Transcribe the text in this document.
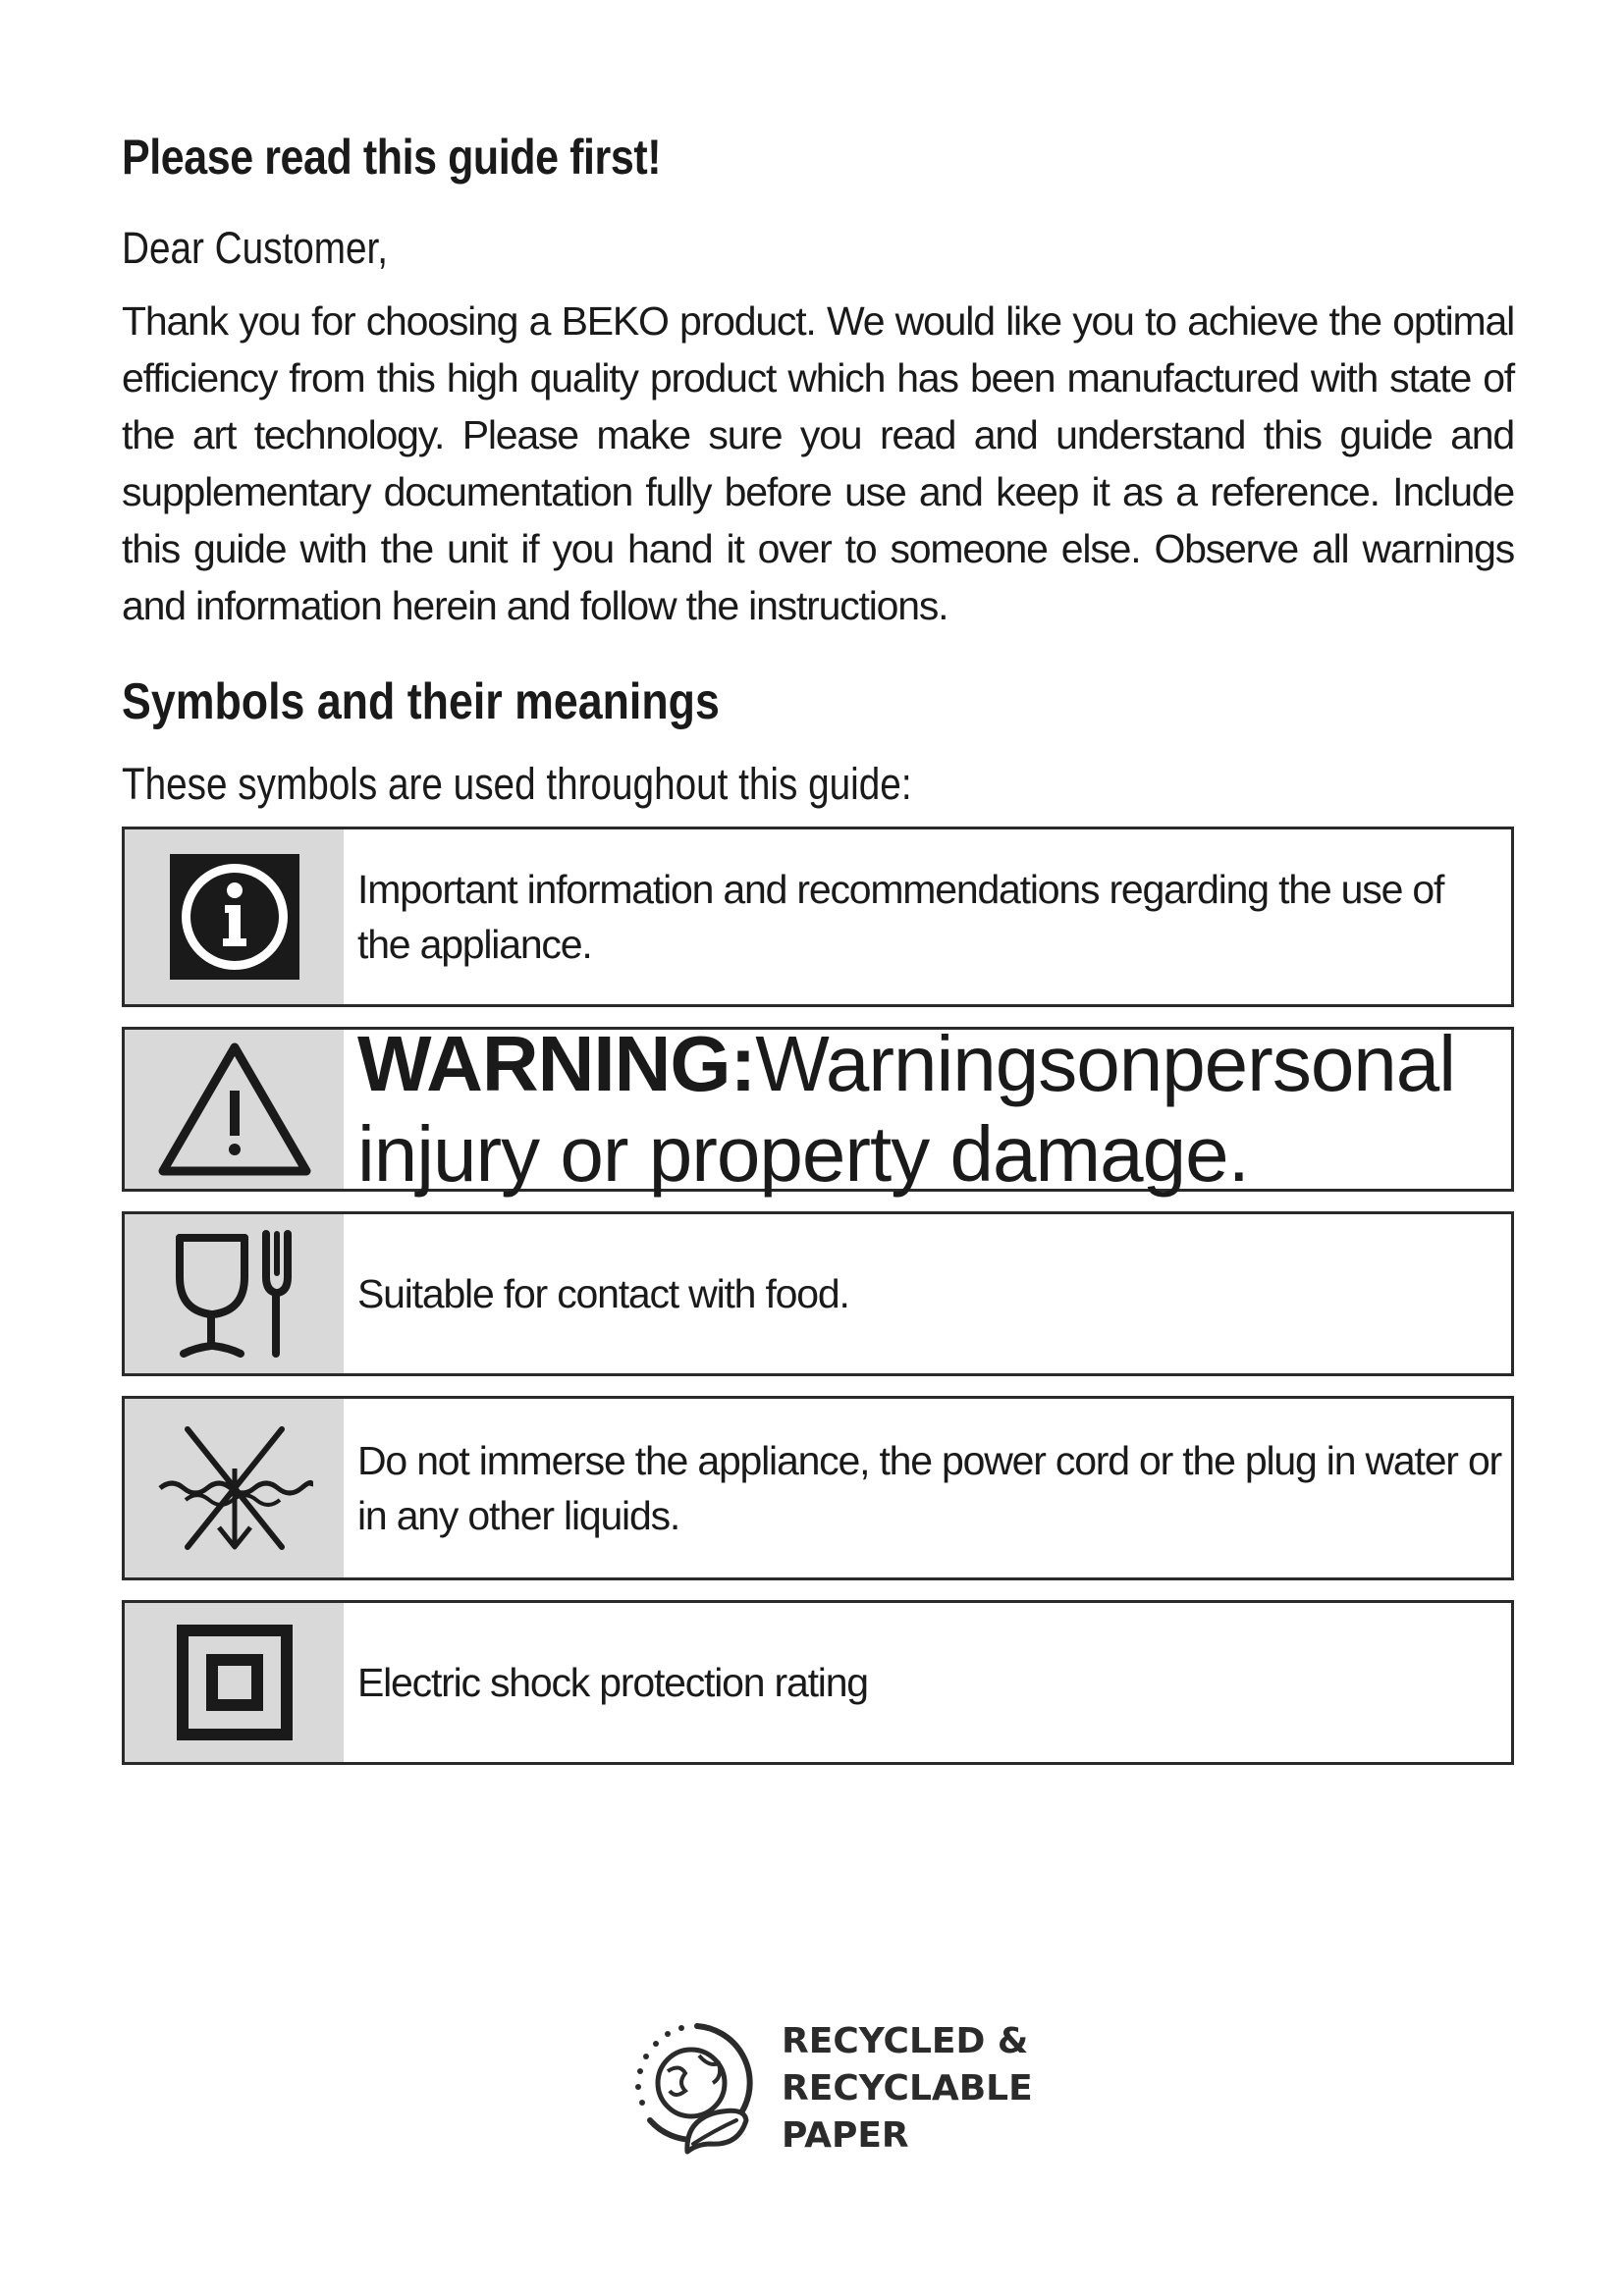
Please read this guide first!
Dear Customer,
Thank you for choosing a BEKO product. We would like you to achieve the optimal efficiency from this high quality product which has been manufactured with state of the art technology. Please make sure you read and understand this guide and supplementary documentation fully before use and keep it as a reference. Include this guide with the unit if you hand it over to someone else. Observe all warnings and information herein and follow the instructions.
Symbols and their meanings
These symbols are used throughout this guide:
Important information and recommendations regarding the use of the appliance.
WARNING: Warnings on personal
injury or property damage.
Suitable for contact with food.
Do not immerse the appliance, the power cord or the plug in water or in any other liquids.
Electric shock protection rating
RECYCLED &
RECYCLABLE
PAPER
